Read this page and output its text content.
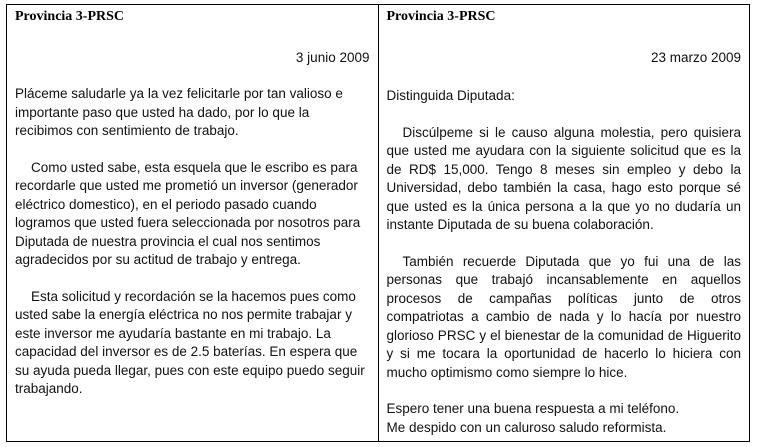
Provincia 3-PRSC

3 junio 2009

Pláceme saludarle ya la vez felicitarle por tan valioso e importante paso que usted ha dado, por lo que la recibimos con sentimiento de trabajo.

Como usted sabe, esta esquela que le escribo es para recordarle que usted me prometió un inversor (generador eléctrico domestico), en el periodo pasado cuando logramos que usted fuera seleccionada por nosotros para Diputada de nuestra provincia el cual nos sentimos agradecidos por su actitud de trabajo y entrega.

Esta solicitud y recordación se la hacemos pues como usted sabe la energía eléctrica no nos permite trabajar y este inversor me ayudaría bastante en mi trabajo. La capacidad del inversor es de 2.5 baterías. En espera que su ayuda pueda llegar, pues con este equipo puedo seguir trabajando.

Provincia 3-PRSC

23 marzo 2009

Distinguida Diputada:

Discúlpeme si le causo alguna molestia, pero quisiera que usted me ayudara con la siguiente solicitud que es la de RD$ 15,000. Tengo 8 meses sin empleo y debo la Universidad, debo también la casa, hago esto porque sé que usted es la única persona a la que yo no dudaría un instante Diputada de su buena colaboración.

También recuerde Diputada que yo fui una de las personas que trabajó incansablemente en aquellos procesos de campañas políticas junto de otros compatriotas a cambio de nada y lo hacía por nuestro glorioso PRSC y el bienestar de la comunidad de Higuerito y si me tocara la oportunidad de hacerlo lo hiciera con mucho optimismo como siempre lo hice.

Espero tener una buena respuesta a mi teléfono.

Me despido con un caluroso saludo reformista.
